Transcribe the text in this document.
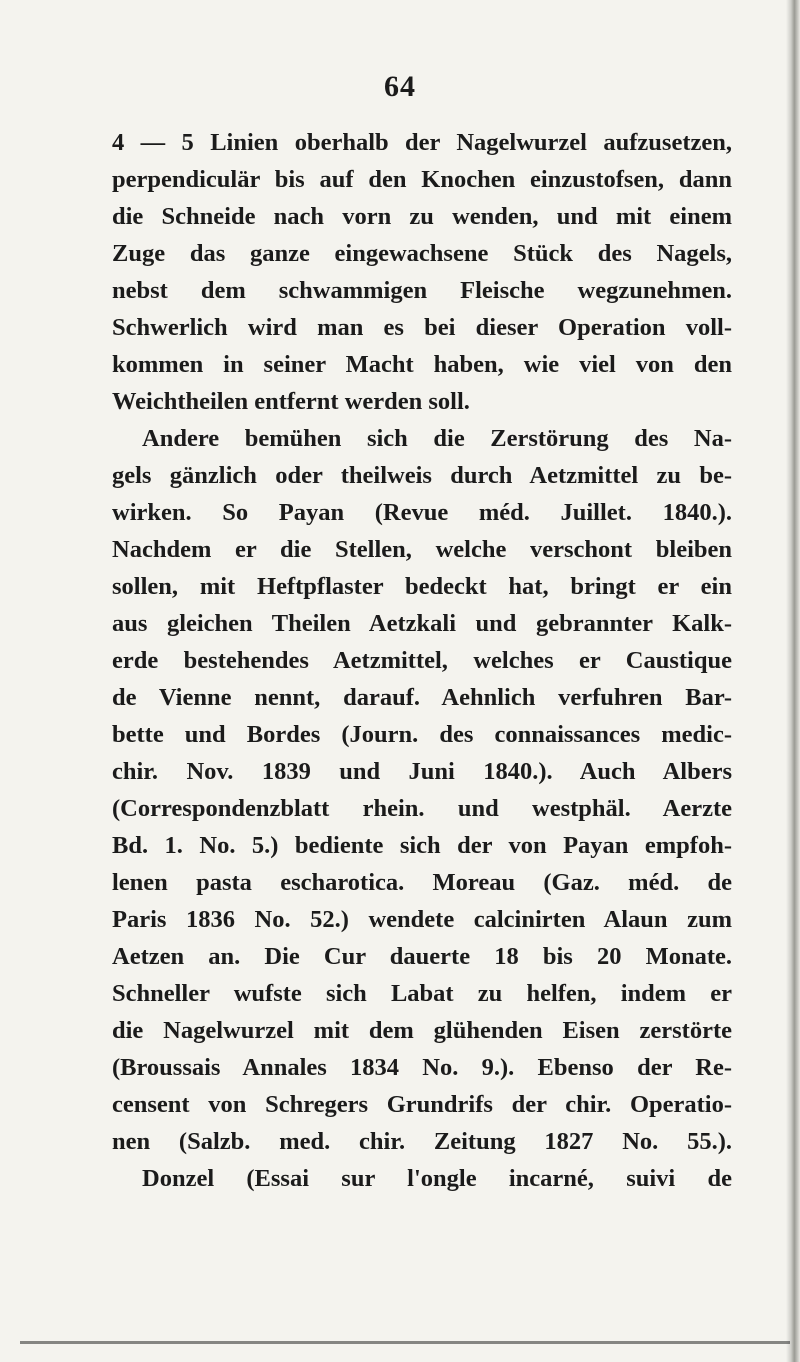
64
4 — 5 Linien oberhalb der Nagelwurzel aufzusetzen,
perpendiculär bis auf den Knochen einzustofsen, dann
die Schneide nach vorn zu wenden, und mit einem
Zuge das ganze eingewachsene Stück des Nagels,
nebst dem schwammigen Fleische wegzunehmen.
Schwerlich wird man es bei dieser Operation voll-
kommen in seiner Macht haben, wie viel von den
Weichtheilen entfernt werden soll.
Andere bemühen sich die Zerstörung des Na-
gels gänzlich oder theilweis durch Aetzmittel zu be-
wirken. So Payan (Revue méd. Juillet. 1840.).
Nachdem er die Stellen, welche verschont bleiben
sollen, mit Heftpflaster bedeckt hat, bringt er ein
aus gleichen Theilen Aetzkali und gebrannter Kalk-
erde bestehendes Aetzmittel, welches er Caustique
de Vienne nennt, darauf. Aehnlich verfuhren Bar-
bette und Bordes (Journ. des connaissances medic-
chir. Nov. 1839 und Juni 1840.). Auch Albers
(Correspondenzblatt rhein. und westphäl. Aerzte
Bd. 1. No. 5.) bediente sich der von Payan empfoh-
lenen pasta escharotica. Moreau (Gaz. méd. de
Paris 1836 No. 52.) wendete calcinirten Alaun zum
Aetzen an. Die Cur dauerte 18 bis 20 Monate.
Schneller wufste sich Labat zu helfen, indem er
die Nagelwurzel mit dem glühenden Eisen zerstörte
(Broussais Annales 1834 No. 9.). Ebenso der Re-
censent von Schregers Grundrifs der chir. Operatio-
nen (Salzb. med. chir. Zeitung 1827 No. 55.).
Donzel (Essai sur l'ongle incarné, suivi de
